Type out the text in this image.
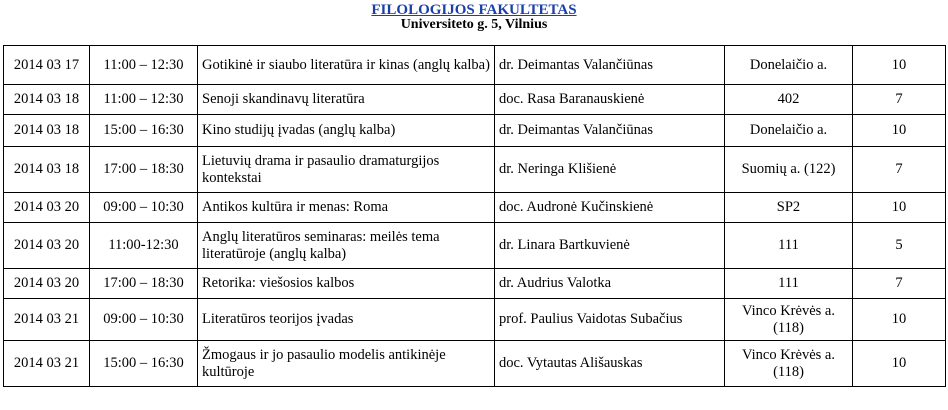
FILOLOGIJOS FAKULTETAS
Universiteto g. 5, Vilnius
2014 03 17	11:00 – 12:30	Gotikinė ir siaubo literatūra ir kinas (anglų kalba)	dr. Deimantas Valančiūnas	Donelaičio a.	10
2014 03 18	11:00 – 12:30	Senoji skandinavų literatūra	doc. Rasa Baranauskienė	402	7
2014 03 18	15:00 – 16:30	Kino studijų įvadas (anglų kalba)	dr. Deimantas Valančiūnas	Donelaičio a.	10
2014 03 18	17:00 – 18:30	Lietuvių drama ir pasaulio dramaturgijos kontekstai	dr. Neringa Klišienė	Suomių a. (122)	7
2014 03 20	09:00 – 10:30	Antikos kultūra ir menas: Roma	doc. Audronė Kučinskienė	SP2	10
2014 03 20	11:00-12:30	Anglų literatūros seminaras: meilės tema literatūroje (anglų kalba)	dr. Linara Bartkuvienė	111	5
2014 03 20	17:00 – 18:30	Retorika: viešosios kalbos	dr. Audrius Valotka	111	7
2014 03 21	09:00 – 10:30	Literatūros teorijos įvadas	prof. Paulius Vaidotas Subačius	Vinco Krėvės a. (118)	10
2014 03 21	15:00 – 16:30	Žmogaus ir jo pasaulio modelis antikinėje kultūroje	doc. Vytautas Ališauskas	Vinco Krėvės a. (118)	10
